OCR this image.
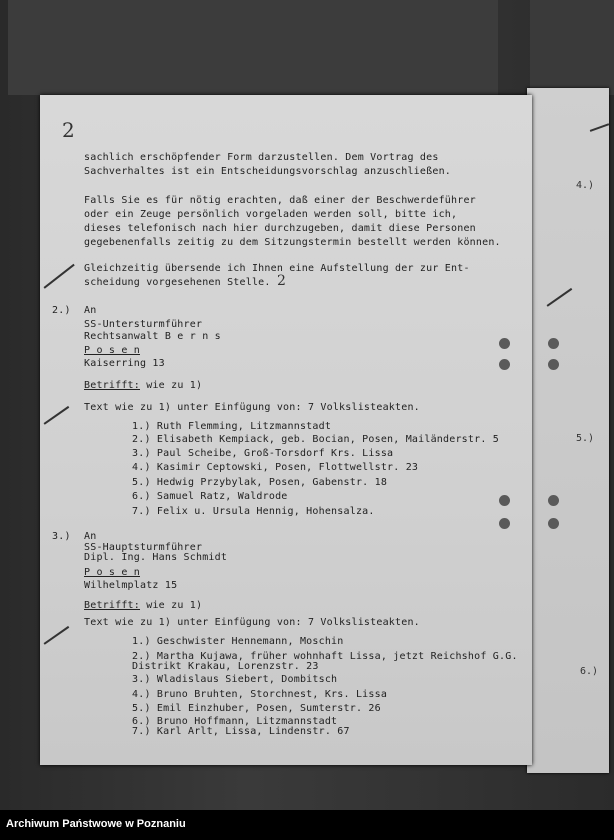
4.)
5.)
6.)
2
sachlich erschöpfender Form darzustellen. Dem Vortrag des
Sachverhaltes ist ein Entscheidungsvorschlag anzuschließen.
Falls Sie es für nötig erachten, daß einer der Beschwerdeführer
oder ein Zeuge persönlich vorgeladen werden soll, bitte ich,
dieses telefonisch nach hier durchzugeben, damit diese Personen
gegebenenfalls zeitig zu dem Sitzungstermin bestellt werden können.
Gleichzeitig übersende ich Ihnen eine Aufstellung der zur Ent-
scheidung vorgesehenen Stelle. 2
2.) An
SS-Untersturmführer
Rechtsanwalt B e r n s
P o s e n
Kaiserring 13
Betrifft: wie zu 1)
Text wie zu 1) unter Einfügung von: 7 Volkslisteakten.
1.) Ruth Flemming, Litzmannstadt
2.) Elisabeth Kempiack, geb. Bocian, Posen, Mailänderstr. 5
3.) Paul Scheibe, Groß-Torsdorf Krs. Lissa
4.) Kasimir Ceptowski, Posen, Flottwellstr. 23
5.) Hedwig Przybylak, Posen, Gabenstr. 18
6.) Samuel Ratz, Waldrode
7.) Felix u. Ursula Hennig, Hohensalza.
3.) An
SS-Hauptsturmführer
Dipl. Ing. Hans Schmidt
P o s e n
Wilhelmplatz 15
Betrifft: wie zu 1)
Text wie zu 1) unter Einfügung von: 7 Volkslisteakten.
1.) Geschwister Hennemann, Moschin
2.) Martha Kujawa, früher wohnhaft Lissa, jetzt Reichshof G.G.
Distrikt Krakau, Lorenzstr. 23
3.) Wladislaus Siebert, Dombitsch
4.) Bruno Bruhten, Storchnest, Krs. Lissa
5.) Emil Einzhuber, Posen, Sumterstr. 26
6.) Bruno Hoffmann, Litzmannstadt
7.) Karl Arlt, Lissa, Lindenstr. 67
Archiwum Państwowe w Poznaniu
